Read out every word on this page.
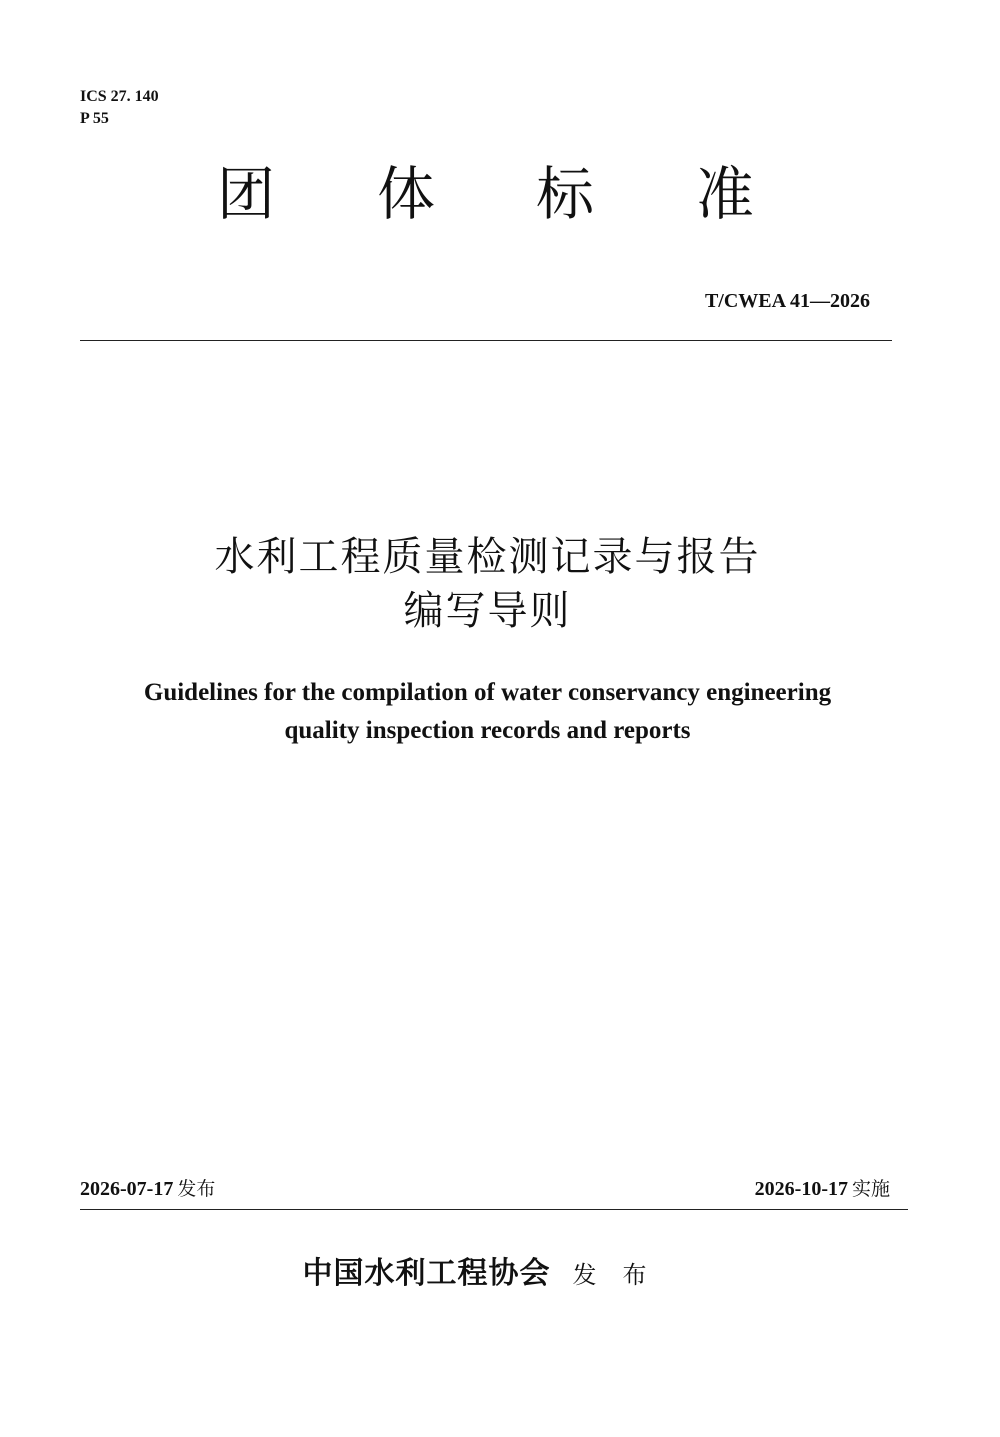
ICS 27. 140
P 55
团 体 标 准
T/CWEA 41—2026
水利工程质量检测记录与报告
编写导则
Guidelines for the compilation of water conservancy engineering
quality inspection records and reports
2026-07-17 发布	2026-10-17 实施
中国水利工程协会 发布
